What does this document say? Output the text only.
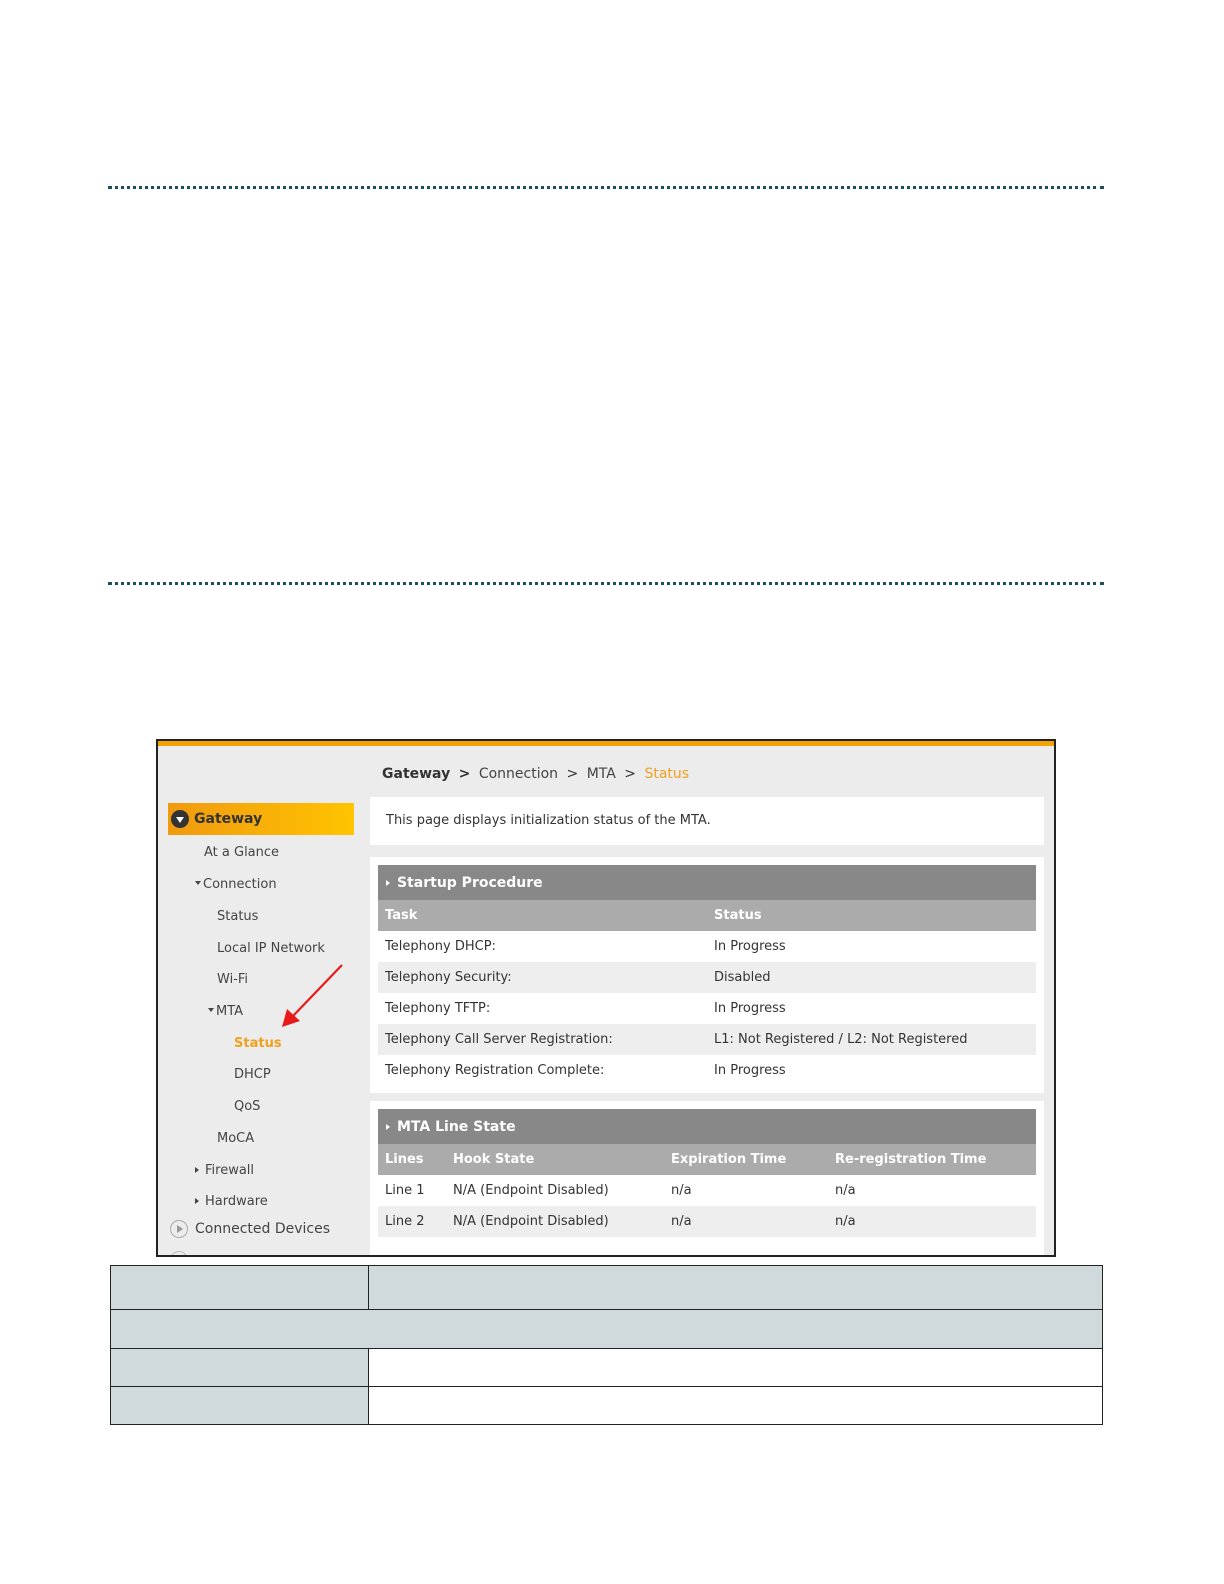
Gateway > Connection > MTA > Status
Gateway
At a Glance
Connection
Status
Local IP Network
Wi-Fi
MTA
Status
DHCP
QoS
MoCA
Firewall
Hardware
Connected Devices
This page displays initialization status of the MTA.
Startup Procedure
Task	Status
Telephony DHCP:	In Progress
Telephony Security:	Disabled
Telephony TFTP:	In Progress
Telephony Call Server Registration:	L1: Not Registered / L2: Not Registered
Telephony Registration Complete:	In Progress
MTA Line State
Lines	Hook State	Expiration Time	Re-registration Time
Line 1	N/A (Endpoint Disabled)	n/a	n/a
Line 2	N/A (Endpoint Disabled)	n/a	n/a
